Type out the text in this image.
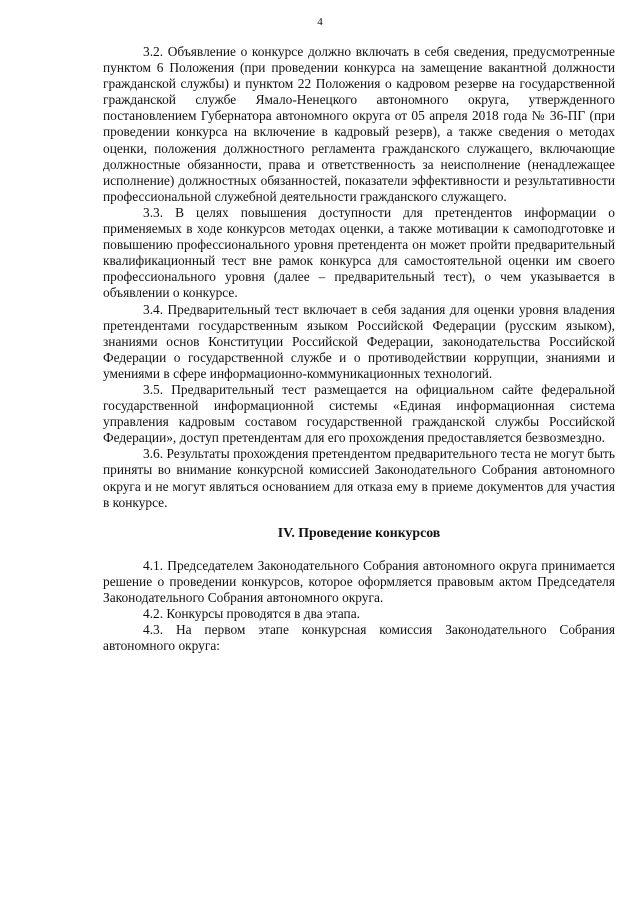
4

3.2. Объявление о конкурсе должно включать в себя сведения, предусмотренные пунктом 6 Положения (при проведении конкурса на замещение вакантной должности гражданской службы) и пунктом 22 Положения о кадровом резерве на государственной гражданской службе Ямало-Ненецкого автономного округа, утвержденного постановлением Губернатора автономного округа от 05 апреля 2018 года № 36-ПГ (при проведении конкурса на включение в кадровый резерв), а также сведения о методах оценки, положения должностного регламента гражданского служащего, включающие должностные обязанности, права и ответственность за неисполнение (ненадлежащее исполнение) должностных обязанностей, показатели эффективности и результативности профессиональной служебной деятельности гражданского служащего.

3.3. В целях повышения доступности для претендентов информации о применяемых в ходе конкурсов методах оценки, а также мотивации к самоподготовке и повышению профессионального уровня претендента он может пройти предварительный квалификационный тест вне рамок конкурса для самостоятельной оценки им своего профессионального уровня (далее – предварительный тест), о чем указывается в объявлении о конкурсе.

3.4. Предварительный тест включает в себя задания для оценки уровня владения претендентами государственным языком Российской Федерации (русским языком), знаниями основ Конституции Российской Федерации, законодательства Российской Федерации о государственной службе и о противодействии коррупции, знаниями и умениями в сфере информационно-коммуникационных технологий.

3.5. Предварительный тест размещается на официальном сайте федеральной государственной информационной системы «Единая информационная система управления кадровым составом государственной гражданской службы Российской Федерации», доступ претендентам для его прохождения предоставляется безвозмездно.

3.6. Результаты прохождения претендентом предварительного теста не могут быть приняты во внимание конкурсной комиссией Законодательного Собрания автономного округа и не могут являться основанием для отказа ему в приеме документов для участия в конкурсе.

IV. Проведение конкурсов

4.1. Председателем Законодательного Собрания автономного округа принимается решение о проведении конкурсов, которое оформляется правовым актом Председателя Законодательного Собрания автономного округа.

4.2. Конкурсы проводятся в два этапа.

4.3. На первом этапе конкурсная комиссия Законодательного Собрания автономного округа:
